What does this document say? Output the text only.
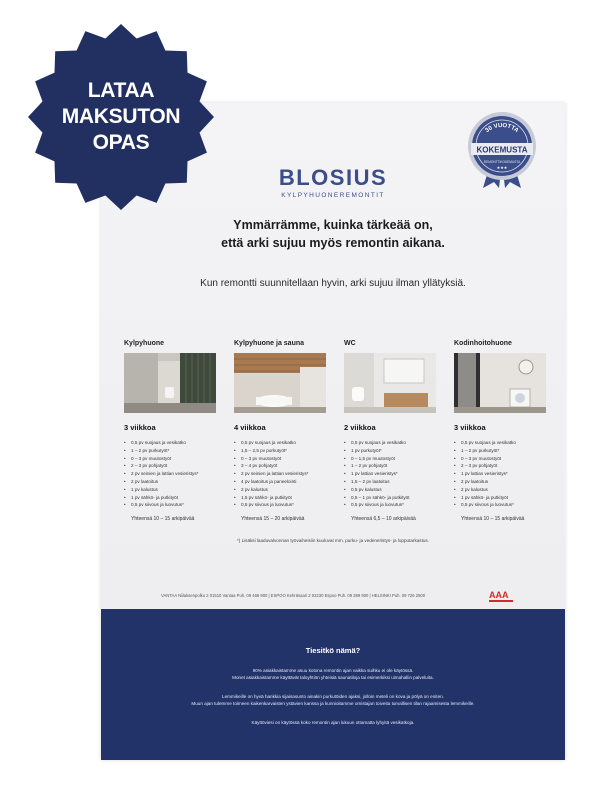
BLOSIUS
KYLPYHUONEREMONTIT
Ymmärrämme, kuinka tärkeää on,
että arki sujuu myös remontin aikana.
Kun remontti suunnitellaan hyvin, arki sujuu ilman yllätyksiä.
Kylpyhuone
3 viikkoa
• 0,5 pv suojaus ja vesikatko
• 1 – 2 pv purkutyöt*
• 0 – 3 pv muutostyöt
• 2 – 3 pv pohjatyöt
• 2 pv seinien ja lattian vesieristys*
• 2 pv laatoitus
• 1 pv kalustus
• 1 pv sähkö- ja putkityöt
• 0,5 pv siivous ja luovutus*
Yhteensä 10 – 15 arkipäivää
Kylpyhuone ja sauna
4 viikkoa
• 0,5 pv suojaus ja vesikatko
• 1,5 – 2,5 pv purkutyöt*
• 0 – 3 pv muutostyöt
• 3 – 4 pv pohjatyöt
• 2 pv seinien ja lattian vesieristys*
• 4 pv laatoitus ja paneelointi
• 2 pv kalustus
• 1,5 pv sähkö- ja putkityöt
• 0,5 pv siivous ja luovutus*
Yhteensä 15 – 20 arkipäivää
WC
2 viikkoa
• 0,5 pv suojaus ja vesikatko
• 1 pv purkutyöt*
• 0 – 1,5 pv muutostyöt
• 1 – 2 pv pohjatyöt
• 1 pv lattian vesieristys*
• 1,5 – 2 pv laatoitus
• 0,5 pv kalustus
• 0,5 – 1 pv sähkö- ja putkityöt
• 0,5 pv siivous ja luovutus*
Yhteensä 6,5 – 10 arkipäivää
Kodinhoitohuone
3 viikkoa
• 0,5 pv suojaus ja vesikatko
• 1 – 2 pv purkutyöt*
• 0 – 3 pv muutostyöt
• 2 – 3 pv pohjatyöt
• 1 pv lattian vesieristys*
• 2 pv laatoitus
• 2 pv kalustus
• 1 pv sähkö- ja putkityöt
• 0,5 pv siivous ja luovutus*
Yhteensä 10 – 15 arkipäivää
*) Lisäksi laaduvalvonnan työvaiheisiin kuuluvat mm. purku- ja vedeneristys- ja lopputarkastus.
VANTAA Niilaksenpolku 2 01510 Vantaa Puh. 09 466 900 | ESPOO Kehräsaari 2 02230 Espoo Puh. 09 289 900 | HELSINKI Puh. 09 726 2500	AAA
Tiesitkö nämä?
90% asiakkaistamme asuu kotona remontin ajan vaikka suihku ei ole käytössä.
Monet asiakkaistamme käyttävät taloyhtiön yhteisiä saunatiloja tai esimerkiksi uimahallin palveluita.
Lemmikeille on hyvä hankkia sijaisasunto ainakin purkutöiden ajaksi, jolloin meteli on kova ja pölyä on eniten.
Muun ajan tulemme toimeen kaikenkarvaisten ystävien kanssa ja kunnioitamme omistajan toiveita turvallisen tilan rajaamisesta lemmikeille.
Käyttöviesi on käytössä koko remontin ajan lukuun ottamatta lyhyitä vesikatkoja.
30 VUOTTA
KOKEMUSTA
REMONTTIKOKEMUSTA
★★★
LATAA
MAKSUTON
OPAS
